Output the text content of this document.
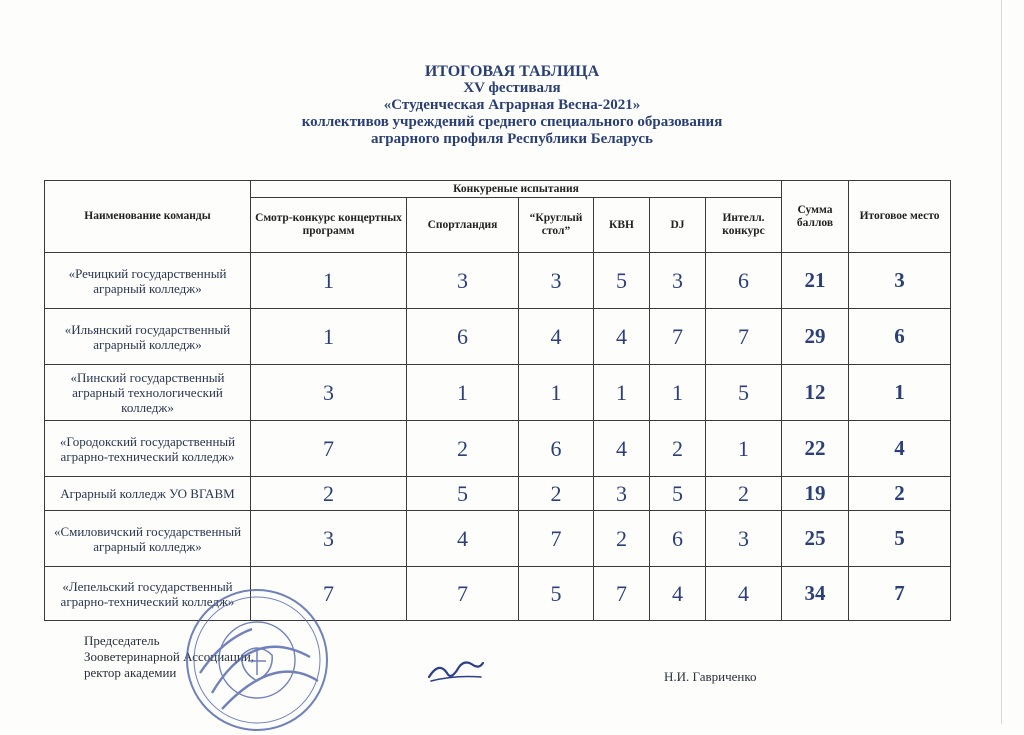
ИТОГОВАЯ ТАБЛИЦА
XV фестиваля
«Студенческая Аграрная Весна-2021»
коллективов учреждений среднего специального образования
аграрного профиля Республики Беларусь
Наименование команды	Конкуреные испытания						Сумма баллов	Итоговое место
	Смотр-конкурс концертных программ	Спортландия	“Круглый стол”	КВН	DJ	Интелл. конкурс		
«Речицкий государственный аграрный колледж»	1	3	3	5	3	6	21	3
«Ильянский государственный аграрный колледж»	1	6	4	4	7	7	29	6
«Пинский государственный аграрный технологический колледж»	3	1	1	1	1	5	12	1
«Городокский государственный аграрно-технический колледж»	7	2	6	4	2	1	22	4
Аграрный колледж УО ВГАВМ	2	5	2	3	5	2	19	2
«Смиловичский государственный аграрный колледж»	3	4	7	2	6	3	25	5
«Лепельский государственный аграрно-технический колледж»	7	7	5	7	4	4	34	7
Председатель
Зооветеринарной Ассоциации,
ректор академии	Н.И. Гавриченко
